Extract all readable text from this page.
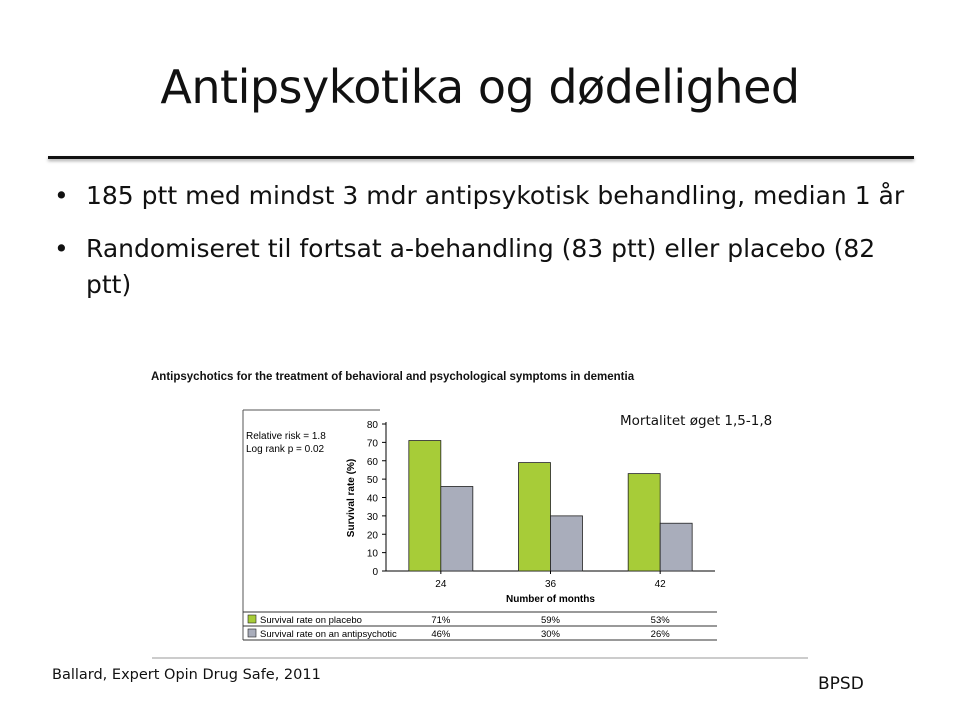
Antipsykotika og dødelighed
• 185 ptt med mindst 3 mdr antipsykotisk behandling, median 1 år
• Randomiseret til fortsat a-behandling (83 ptt) eller placebo (82 ptt)
Antipsychotics for the treatment of behavioral and psychological symptoms in dementia
0
10
20
30
40
50
60
70
80
Survival rate (%)
24	36	42
Number of months
Relative risk = 1.8
Log rank p = 0.02
Survival rate on placebo	71%	59%	53%
Survival rate on an antipsychotic	46%	30%	26%
Mortalitet øget 1,5-1,8
Ballard, Expert Opin Drug Safe, 2011	BPSD
